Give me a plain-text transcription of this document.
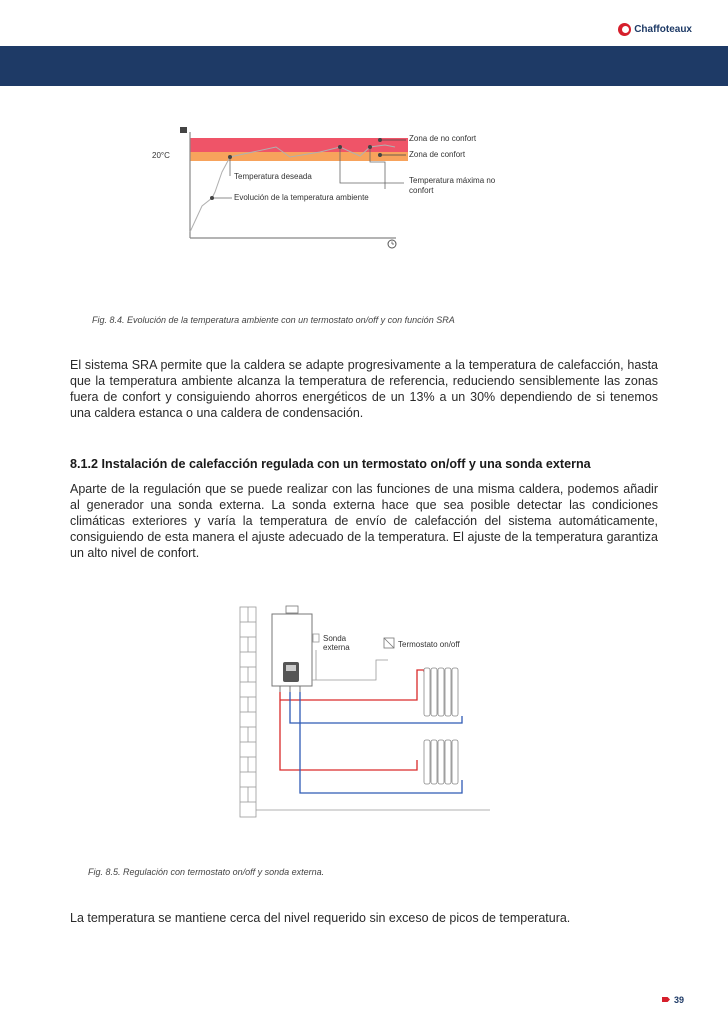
Chaffoteaux
20°C
Zona de no confort
Zona de confort
Temperatura deseada	Temperatura máxima no confort
Evolución de la temperatura ambiente
Fig. 8.4. Evolución de la temperatura ambiente con un termostato on/off y con función SRA
El sistema SRA permite que la caldera se adapte progresivamente a la temperatura de calefacción, hasta que la temperatura ambiente alcanza la temperatura de referencia, reduciendo sensiblemente las zonas fuera de confort y consiguiendo ahorros energéticos de un 13% a un 30% dependiendo de si tenemos una caldera estanca o una caldera de condensación.
8.1.2 Instalación de calefacción regulada con un termostato on/off y una sonda externa
Aparte de la regulación que se puede realizar con las funciones de una misma caldera, podemos añadir al generador una sonda externa. La sonda externa hace que sea posible detectar las condiciones climáticas exteriores y varía la temperatura de envío de calefacción del sistema automáticamente, consiguiendo de esta manera el ajuste adecuado de la temperatura. El ajuste de la temperatura garantiza un alto nivel de confort.
Sonda
externa	Termostato on/off
Fig. 8.5. Regulación con termostato on/off y sonda externa.
La temperatura se mantiene cerca del nivel requerido sin exceso de picos de temperatura.
39
